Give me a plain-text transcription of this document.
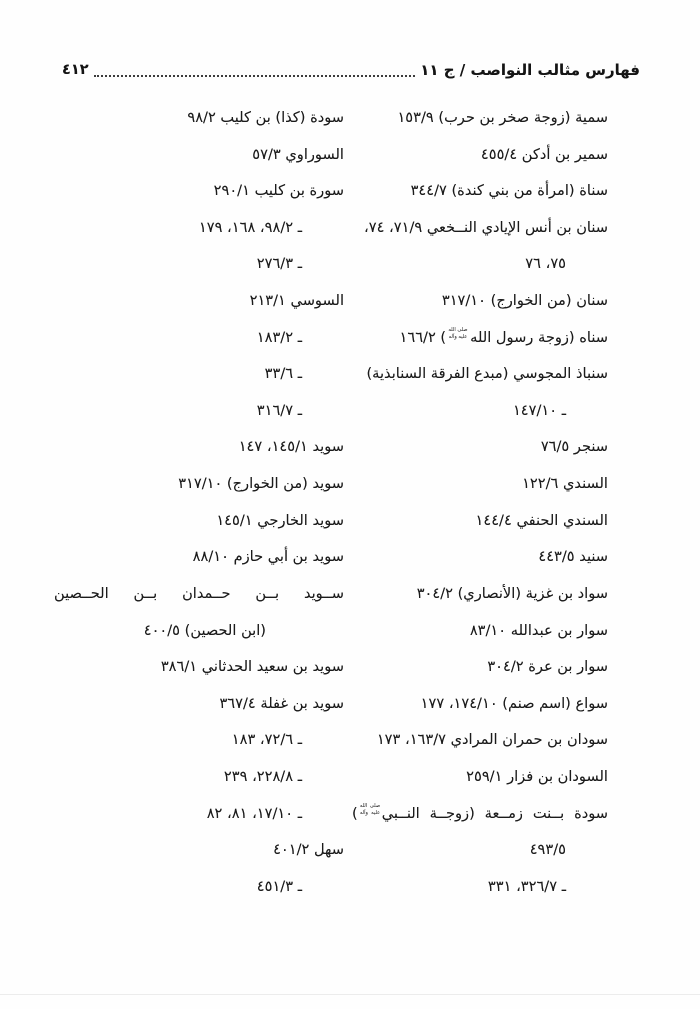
فهارس مثالب النواصب / ج ١١
٤١٢
سمية (زوجة صخر بن حرب) ١٥٣/٩
سمير بن أدكن ٤٥٥/٤
سناة (امرأة من بني كندة) ٣٤٤/٧
سنان بن أنس الإيادي النــخعي ٧١/٩، ٧٤،
٧٥، ٧٦
سنان (من الخوارج) ٣١٧/١٠
سناه (زوجة رسول الله
صلى الله
عليه وآله
) ١٦٦/٢
سنباذ المجوسي (مبدع الفرقة السنابذية)
ـ ١٤٧/١٠
سنجر ٧٦/٥
السندي ١٢٢/٦
السندي الحنفي ١٤٤/٤
سنيد ٤٤٣/٥
سواد بن غزية (الأنصاري) ٣٠٤/٢
سوار بن عبدالله ٨٣/١٠
سوار بن عرة ٣٠٤/٢
سواع (اسم صنم) ١٧٤/١٠، ١٧٧
سودان بن حمران المرادي ١٦٣/٧، ١٧٣
السودان بن فزار ٢٥٩/١
سودة بــنت زمــعة (زوجــة النــبي
صلى الله
عليه وآله
)
٤٩٣/٥
ـ ٣٢٦/٧، ٣٣١
سودة (كذا) بن كليب ٩٨/٢
السوراوي ٥٧/٣
سورة بن كليب ٢٩٠/١
ـ ٩٨/٢، ١٦٨، ١٧٩
ـ ٢٧٦/٣
السوسي ٢١٣/١
ـ ١٨٣/٢
ـ ٣٣/٦
ـ ٣١٦/٧
سويد ١٤٥/١، ١٤٧
سويد (من الخوارج) ٣١٧/١٠
سويد الخارجي ١٤٥/١
سويد بن أبي حازم ٨٨/١٠
ســويد بــن حــمدان بــن الحــصين
(ابن الحصين) ٤٠٠/٥
سويد بن سعيد الحدثاني ٣٨٦/١
سويد بن غفلة ٣٦٧/٤
ـ ٧٢/٦، ١٨٣
ـ ٢٢٨/٨، ٢٣٩
ـ ١٧/١٠، ٨١، ٨٢
سهل ٤٠١/٢
ـ ٤٥١/٣
